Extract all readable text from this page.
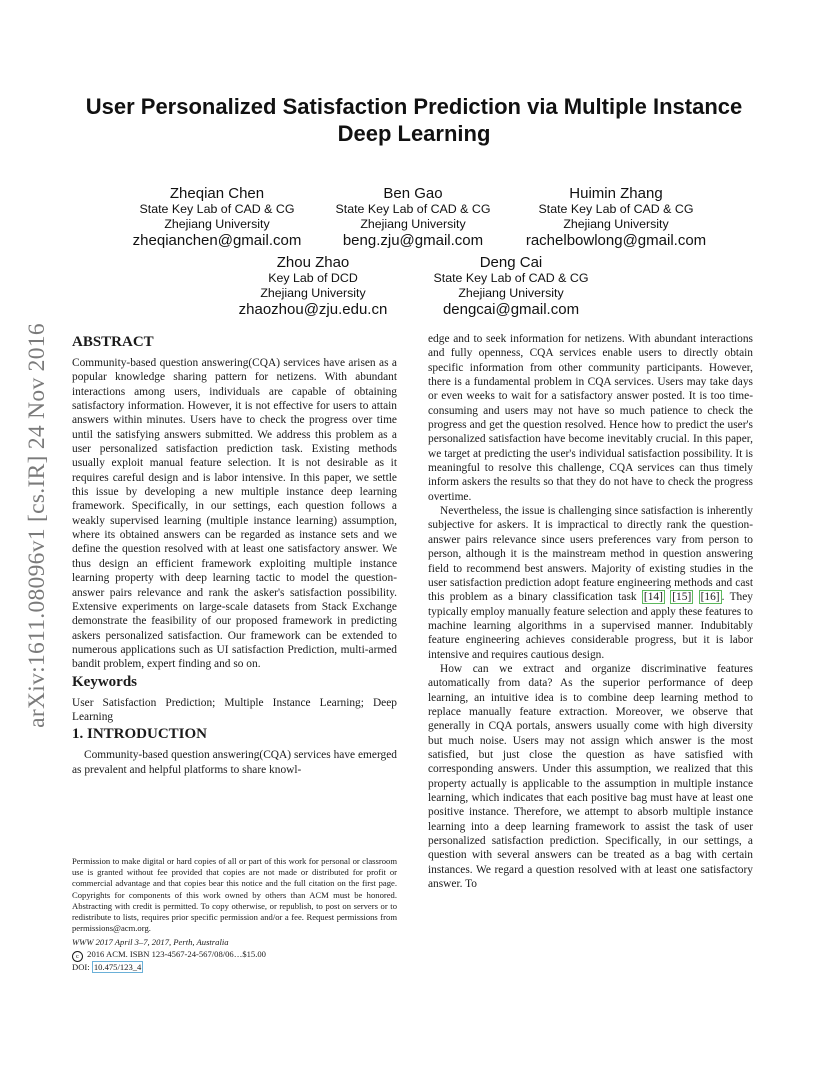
arXiv:1611.08096v1 [cs.IR] 24 Nov 2016
User Personalized Satisfaction Prediction via Multiple Instance Deep Learning
Zheqian Chen
State Key Lab of CAD & CG
Zhejiang University
zheqianchen@gmail.com
Ben Gao
State Key Lab of CAD & CG
Zhejiang University
beng.zju@gmail.com
Huimin Zhang
State Key Lab of CAD & CG
Zhejiang University
rachelbowlong@gmail.com
Zhou Zhao
Key Lab of DCD
Zhejiang University
zhaozhou@zju.edu.cn
Deng Cai
State Key Lab of CAD & CG
Zhejiang University
dengcai@gmail.com
ABSTRACT

Community-based question answering(CQA) services have arisen as a popular knowledge sharing pattern for netizens. With abundant interactions among users, individuals are capable of obtaining satisfactory information. However, it is not effective for users to attain answers within minutes. Users have to check the progress over time until the satisfying answers submitted. We address this problem as a user personalized satisfaction prediction task. Existing methods usually exploit manual feature selection. It is not desirable as it requires careful design and is labor intensive. In this paper, we settle this issue by developing a new multiple instance deep learning framework. Specifically, in our settings, each question follows a weakly supervised learning (multiple instance learning) assumption, where its obtained answers can be regarded as instance sets and we define the question resolved with at least one satisfactory answer. We thus design an efficient framework exploiting multiple instance learning property with deep learning tactic to model the question-answer pairs relevance and rank the asker's satisfaction possibility. Extensive experiments on large-scale datasets from Stack Exchange demonstrate the feasibility of our proposed framework in predicting askers personalized satisfaction. Our framework can be extended to numerous applications such as UI satisfaction Prediction, multi-armed bandit problem, expert finding and so on.

Keywords

User Satisfaction Prediction; Multiple Instance Learning; Deep Learning

1. INTRODUCTION

Community-based question answering(CQA) services have emerged as prevalent and helpful platforms to share knowl-

Permission to make digital or hard copies of all or part of this work for personal or classroom use is granted without fee provided that copies are not made or distributed for profit or commercial advantage and that copies bear this notice and the full citation on the first page. Copyrights for components of this work owned by others than ACM must be honored. Abstracting with credit is permitted. To copy otherwise, or republish, to post on servers or to redistribute to lists, requires prior specific permission and/or a fee. Request permissions from permissions@acm.org.
WWW 2017 April 3–7, 2017, Perth, Australia
c 2016 ACM. ISBN 123-4567-24-567/08/06…$15.00
DOI: 10.475/123_4

edge and to seek information for netizens. With abundant interactions and fully openness, CQA services enable users to directly obtain specific information from other community participants. However, there is a fundamental problem in CQA services. Users may take days or even weeks to wait for a satisfactory answer posted. It is too time-consuming and users may not have so much patience to check the progress and get the question resolved. Hence how to predict the user's personalized satisfaction have become inevitably crucial. In this paper, we target at predicting the user's individual satisfaction possibility. It is meaningful to resolve this challenge, CQA services can thus timely inform askers the results so that they do not have to check the progress overtime.

Nevertheless, the issue is challenging since satisfaction is inherently subjective for askers. It is impractical to directly rank the question-answer pairs relevance since users preferences vary from person to person, although it is the mainstream method in question answering field to recommend best answers. Majority of existing studies in the user satisfaction prediction adopt feature engineering methods and cast this problem as a binary classification task [14] [15] [16] . They typically employ manually feature selection and apply these features to machine learning algorithms in a supervised manner. Indubitably feature engineering achieves considerable progress, but it is labor intensive and requires cautious design.

How can we extract and organize discriminative features automatically from data? As the superior performance of deep learning, an intuitive idea is to combine deep learning method to replace manually feature extraction. Moreover, we observe that generally in CQA portals, answers usually come with high diversity but much noise. Users may not assign which answer is the most satisfied, but just close the question as have satisfied with corresponding answers. Under this assumption, we realized that this property actually is applicable to the assumption in multiple instance learning, which indicates that each positive bag must have at least one positive instance. Therefore, we attempt to absorb multiple instance learning into a deep learning framework to assist the task of user personalized satisfaction prediction. Specifically, in our settings, a question with several answers can be treated as a bag with certain instances. We regard a question resolved with at least one satisfactory answer. To
